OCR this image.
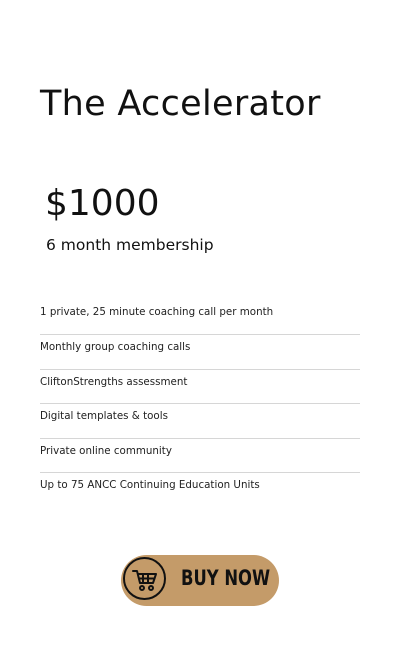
The Accelerator
$1000
6 month membership
1 private, 25 minute coaching call per month
Monthly group coaching calls
CliftonStrengths assessment
Digital templates & tools
Private online community
Up to 75 ANCC Continuing Education Units
BUY NOW
